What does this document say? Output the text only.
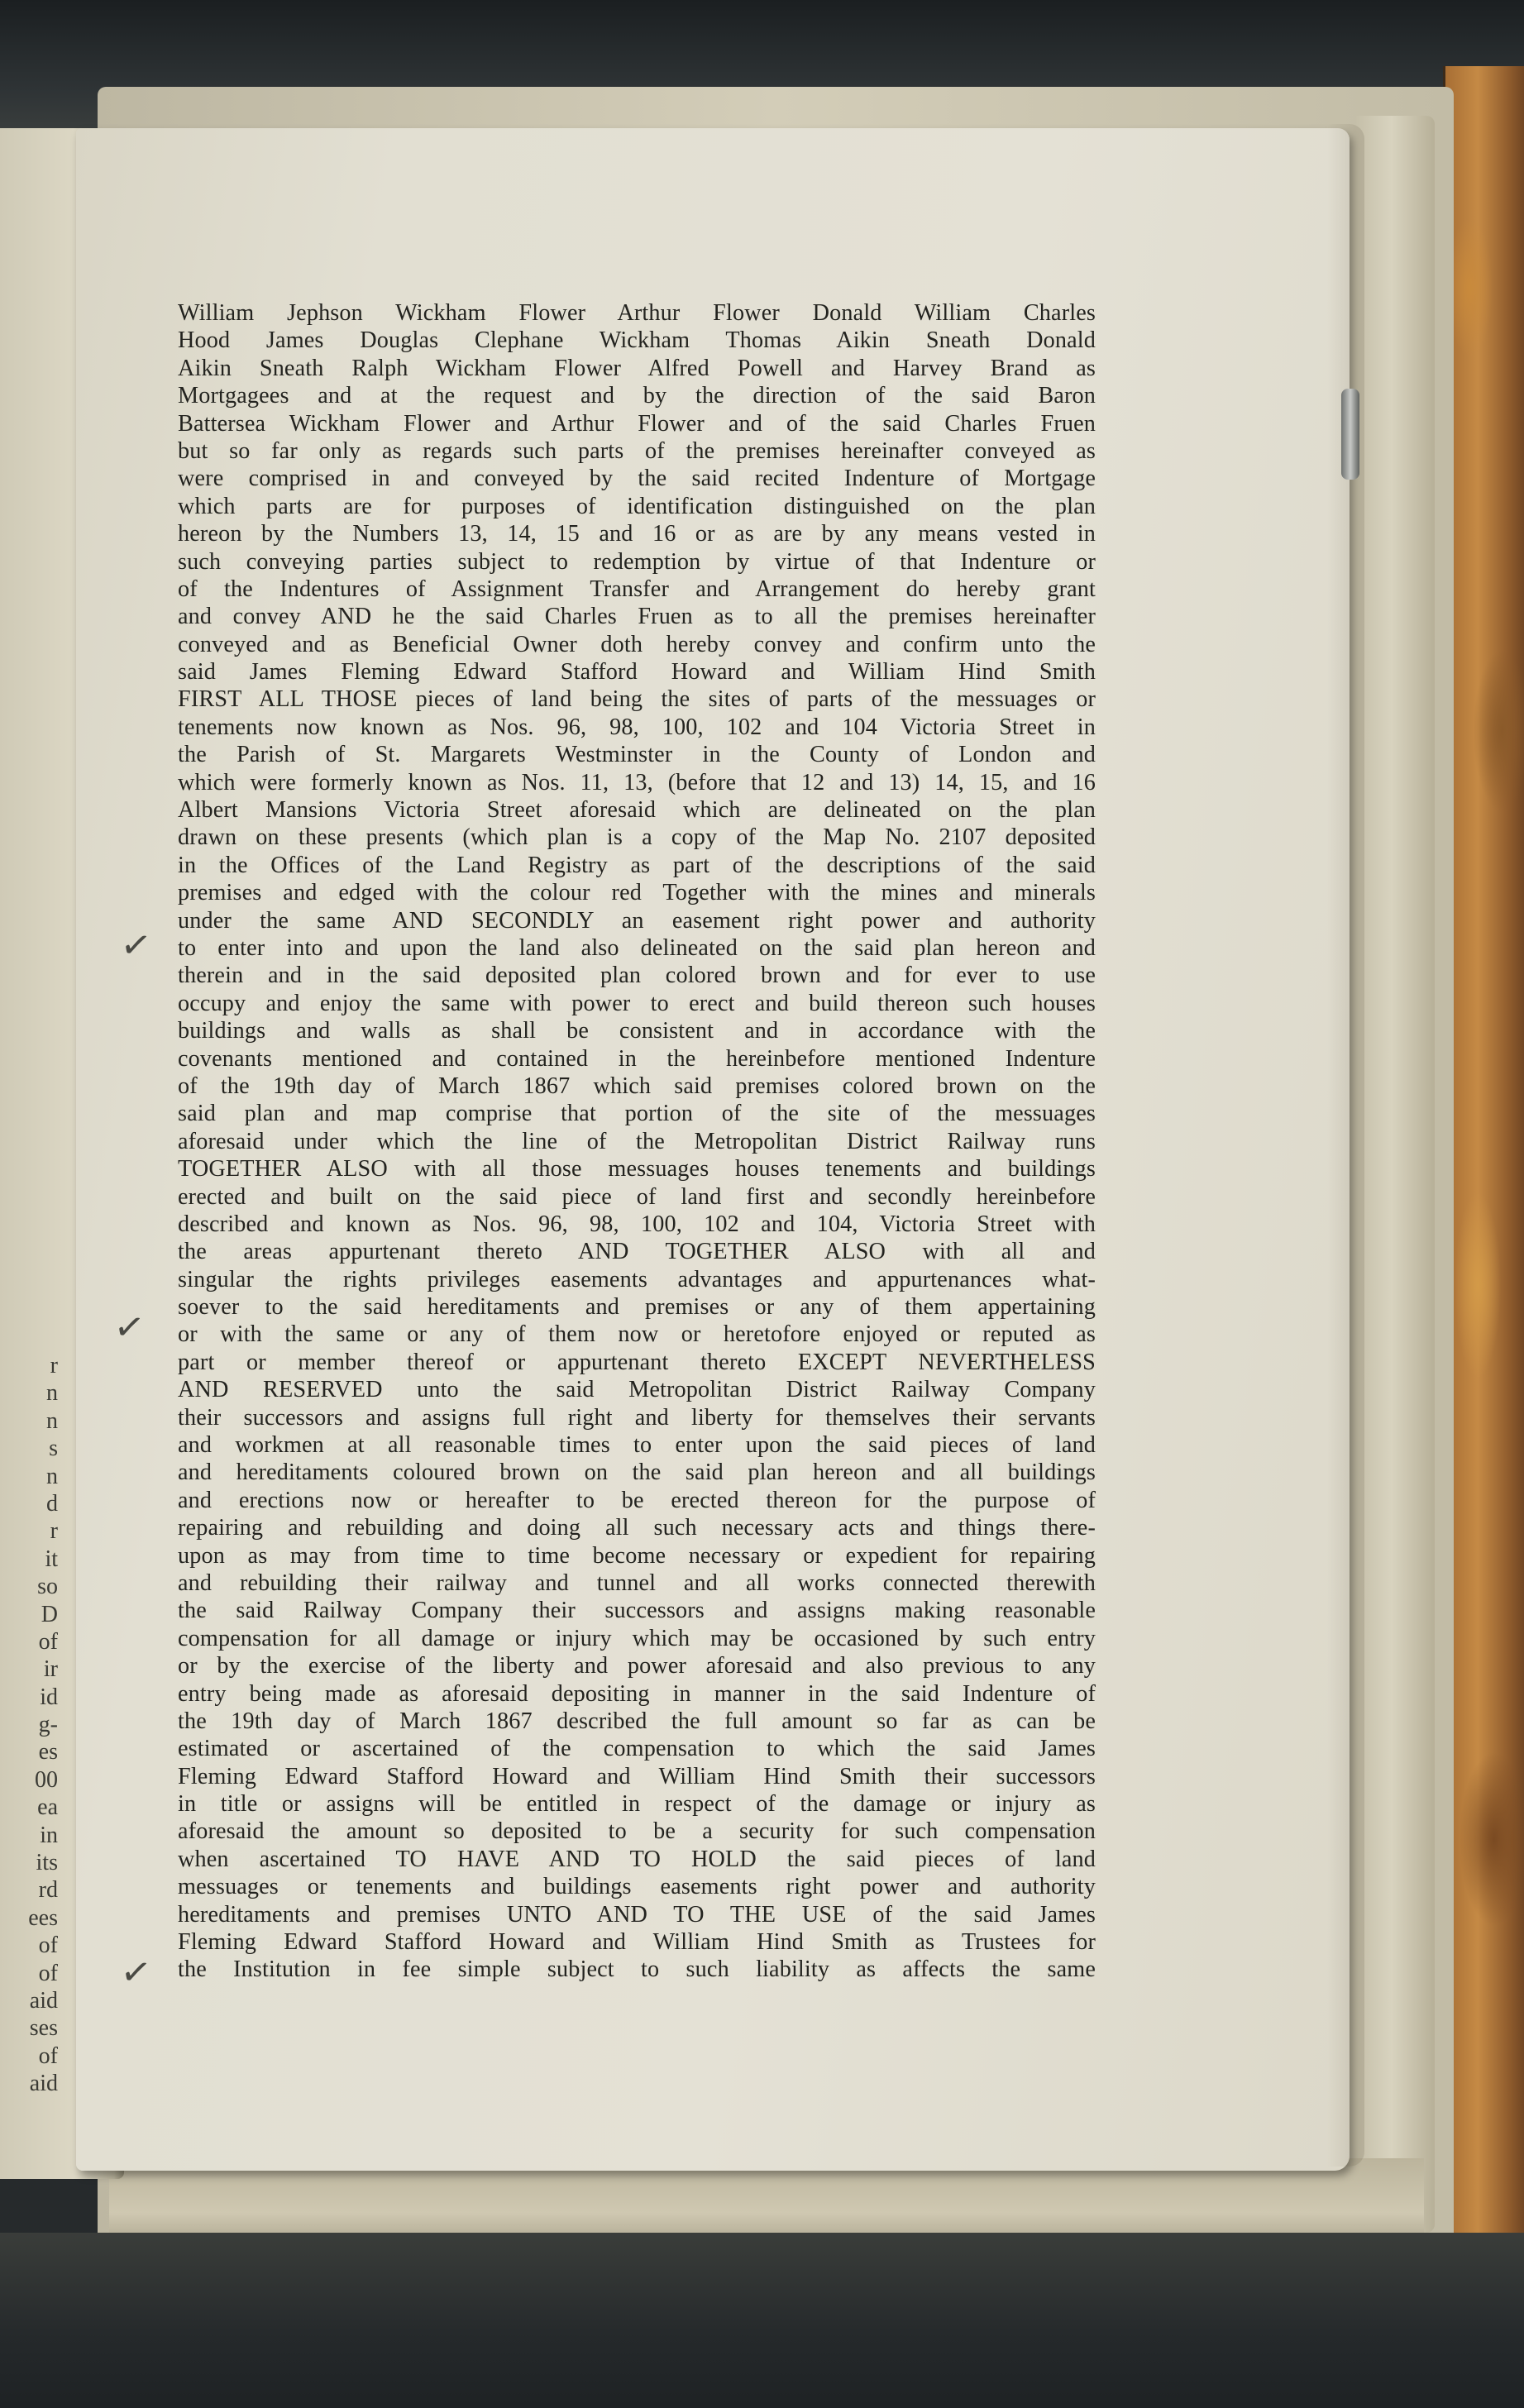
r
n
n
s
n
d
r
it
so
D
of
ir
id
g-
es
00
ea
in
its
rd
ees
of
of
aid
ses
of
aid
William Jephson Wickham Flower Arthur Flower Donald William Charles
Hood James Douglas Clephane Wickham Thomas Aikin Sneath Donald
Aikin Sneath Ralph Wickham Flower Alfred Powell and Harvey Brand as
Mortgagees and at the request and by the direction of the said Baron
Battersea Wickham Flower and Arthur Flower and of the said Charles Fruen
but so far only as regards such parts of the premises hereinafter conveyed as
were comprised in and conveyed by the said recited Indenture of Mortgage
which parts are for purposes of identification distinguished on the plan
hereon by the Numbers 13, 14, 15 and 16 or as are by any means vested in
such conveying parties subject to redemption by virtue of that Indenture or
of the Indentures of Assignment Transfer and Arrangement do hereby grant
and convey AND he the said Charles Fruen as to all the premises hereinafter
conveyed and as Beneficial Owner doth hereby convey and confirm unto the
said James Fleming Edward Stafford Howard and William Hind Smith
FIRST ALL THOSE pieces of land being the sites of parts of the messuages or
tenements now known as Nos. 96, 98, 100, 102 and 104 Victoria Street in
the Parish of St. Margarets Westminster in the County of London and
which were formerly known as Nos. 11, 13, (before that 12 and 13) 14, 15, and 16
Albert Mansions Victoria Street aforesaid which are delineated on the plan
drawn on these presents (which plan is a copy of the Map No. 2107 deposited
in the Offices of the Land Registry as part of the descriptions of the said
premises and edged with the colour red Together with the mines and minerals
under the same AND SECONDLY an easement right power and authority
to enter into and upon the land also delineated on the said plan hereon and
therein and in the said deposited plan colored brown and for ever to use
occupy and enjoy the same with power to erect and build thereon such houses
buildings and walls as shall be consistent and in accordance with the
covenants mentioned and contained in the hereinbefore mentioned Indenture
of the 19th day of March 1867 which said premises colored brown on the
said plan and map comprise that portion of the site of the messuages
aforesaid under which the line of the Metropolitan District Railway runs
TOGETHER ALSO with all those messuages houses tenements and buildings
erected and built on the said piece of land first and secondly hereinbefore
described and known as Nos. 96, 98, 100, 102 and 104, Victoria Street with
the areas appurtenant thereto AND TOGETHER ALSO with all and
singular the rights privileges easements advantages and appurtenances what-
soever to the said hereditaments and premises or any of them appertaining
or with the same or any of them now or heretofore enjoyed or reputed as
part or member thereof or appurtenant thereto EXCEPT NEVERTHELESS
AND RESERVED unto the said Metropolitan District Railway Company
their successors and assigns full right and liberty for themselves their servants
and workmen at all reasonable times to enter upon the said pieces of land
and hereditaments coloured brown on the said plan hereon and all buildings
and erections now or hereafter to be erected thereon for the purpose of
repairing and rebuilding and doing all such necessary acts and things there-
upon as may from time to time become necessary or expedient for repairing
and rebuilding their railway and tunnel and all works connected therewith
the said Railway Company their successors and assigns making reasonable
compensation for all damage or injury which may be occasioned by such entry
or by the exercise of the liberty and power aforesaid and also previous to any
entry being made as aforesaid depositing in manner in the said Indenture of
the 19th day of March 1867 described the full amount so far as can be
estimated or ascertained of the compensation to which the said James
Fleming Edward Stafford Howard and William Hind Smith their successors
in title or assigns will be entitled in respect of the damage or injury as
aforesaid the amount so deposited to be a security for such compensation
when ascertained TO HAVE AND TO HOLD the said pieces of land
messuages or tenements and buildings easements right power and authority
hereditaments and premises UNTO AND TO THE USE of the said James
Fleming Edward Stafford Howard and William Hind Smith as Trustees for
the Institution in fee simple subject to such liability as affects the same
✓
✓
✓
